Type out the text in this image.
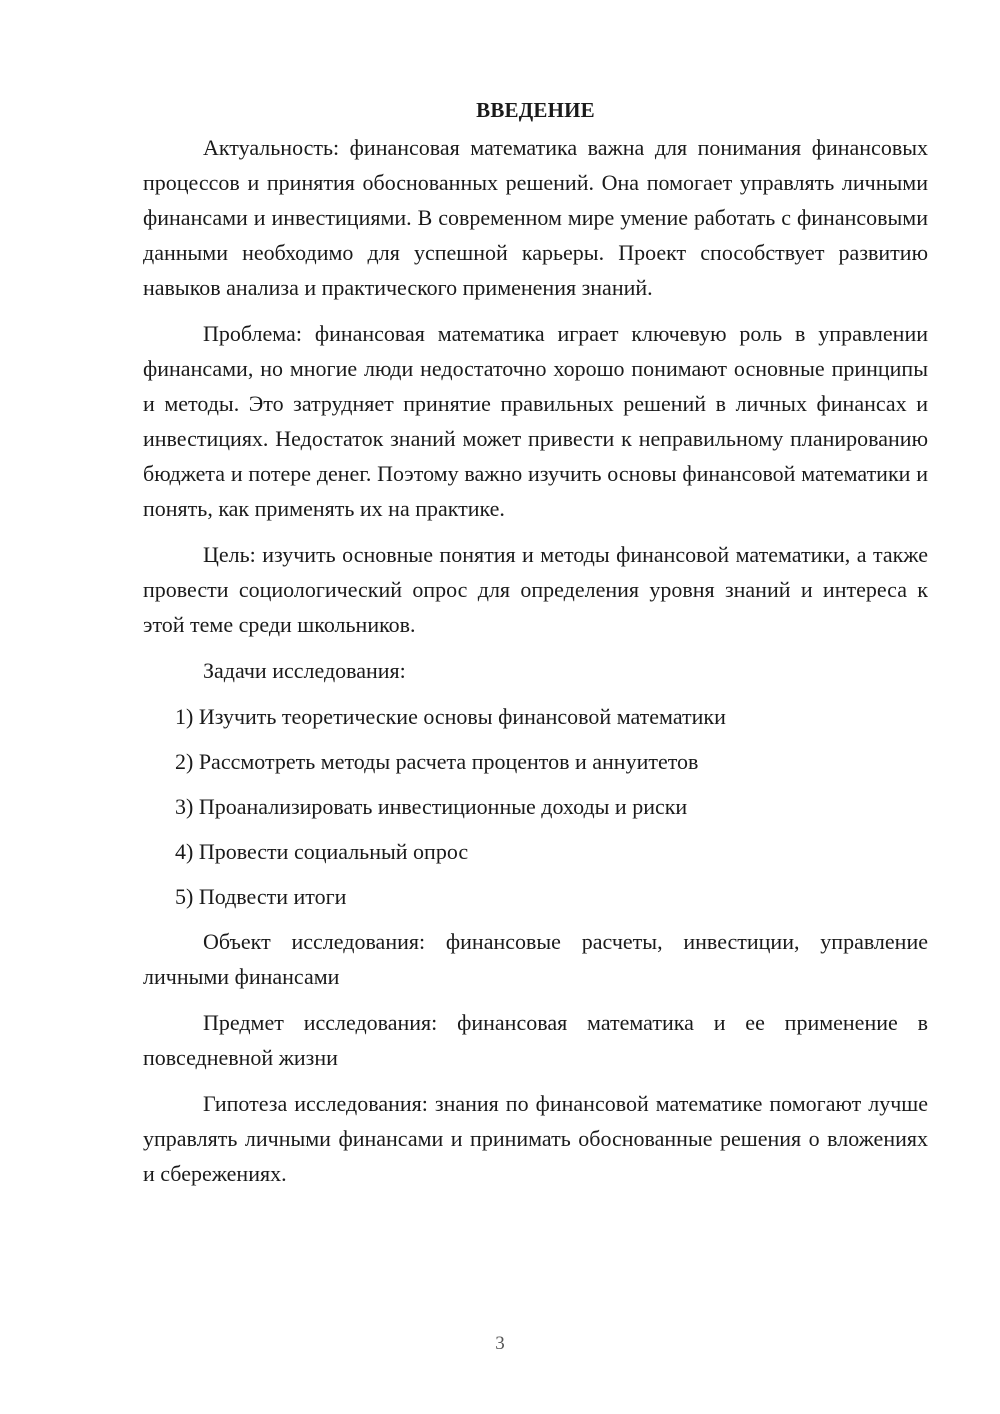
ВВЕДЕНИЕ

Актуальность: финансовая математика важна для понимания финансовых процессов и принятия обоснованных решений. Она помогает управлять личными финансами и инвестициями. В современном мире умение работать с финансовыми данными необходимо для успешной карьеры. Проект способствует развитию навыков анализа и практического применения знаний.

Проблема: финансовая математика играет ключевую роль в управлении финансами, но многие люди недостаточно хорошо понимают основные принципы и методы. Это затрудняет принятие правильных решений в личных финансах и инвестициях. Недостаток знаний может привести к неправильному планированию бюджета и потере денег. Поэтому важно изучить основы финансовой математики и понять, как применять их на практике.

Цель: изучить основные понятия и методы финансовой математики, а также провести социологический опрос для определения уровня знаний и интереса к этой теме среди школьников.

Задачи исследования:

1) Изучить теоретические основы финансовой математики
2) Рассмотреть методы расчета процентов и аннуитетов
3) Проанализировать инвестиционные доходы и риски
4) Провести социальный опрос
5) Подвести итоги

Объект исследования: финансовые расчеты, инвестиции, управление личными финансами

Предмет исследования: финансовая математика и ее применение в повседневной жизни

Гипотеза исследования: знания по финансовой математике помогают лучше управлять личными финансами и принимать обоснованные решения о вложениях и сбережениях.

3
